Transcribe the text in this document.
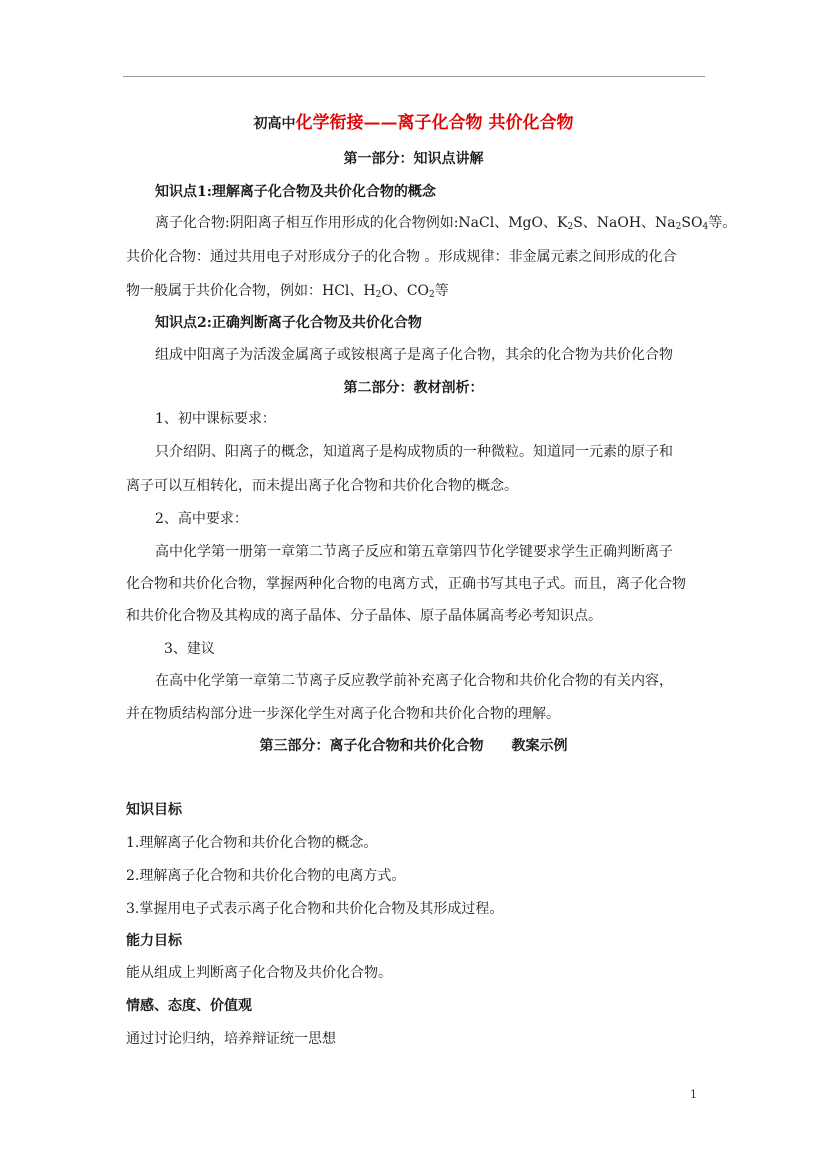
初高中化学衔接——离子化合物 共价化合物
第一部分：知识点讲解
知识点1:理解离子化合物及共价化合物的概念
离子化合物:阴阳离子相互作用形成的化合物例如:NaCl、MgO、$K_2S$、NaOH、$Na_2SO_4$等。
共价化合物：通过共用电子对形成分子的化合物 。形成规律：非金属元素之间形成的化合
物一般属于共价化合物，例如：HCl、$H_2O$、$CO_2$等
知识点2:正确判断离子化合物及共价化合物
组成中阳离子为活泼金属离子或铵根离子是离子化合物，其余的化合物为共价化合物
第二部分：教材剖析：
1、初中课标要求：
只介绍阴、阳离子的概念，知道离子是构成物质的一种微粒。知道同一元素的原子和
离子可以互相转化，而未提出离子化合物和共价化合物的概念。
2、高中要求：
高中化学第一册第一章第二节离子反应和第五章第四节化学键要求学生正确判断离子
化合物和共价化合物，掌握两种化合物的电离方式，正确书写其电子式。而且，离子化合物
和共价化合物及其构成的离子晶体、分子晶体、原子晶体属高考必考知识点。
3、建议
在高中化学第一章第二节离子反应教学前补充离子化合物和共价化合物的有关内容，
并在物质结构部分进一步深化学生对离子化合物和共价化合物的理解。
第三部分：离子化合物和共价化合物　　教案示例
知识目标
1.理解离子化合物和共价化合物的概念。
2.理解离子化合物和共价化合物的电离方式。
3.掌握用电子式表示离子化合物和共价化合物及其形成过程。
能力目标
能从组成上判断离子化合物及共价化合物。
情感、态度、价值观
通过讨论归纳，培养辩证统一思想
1
